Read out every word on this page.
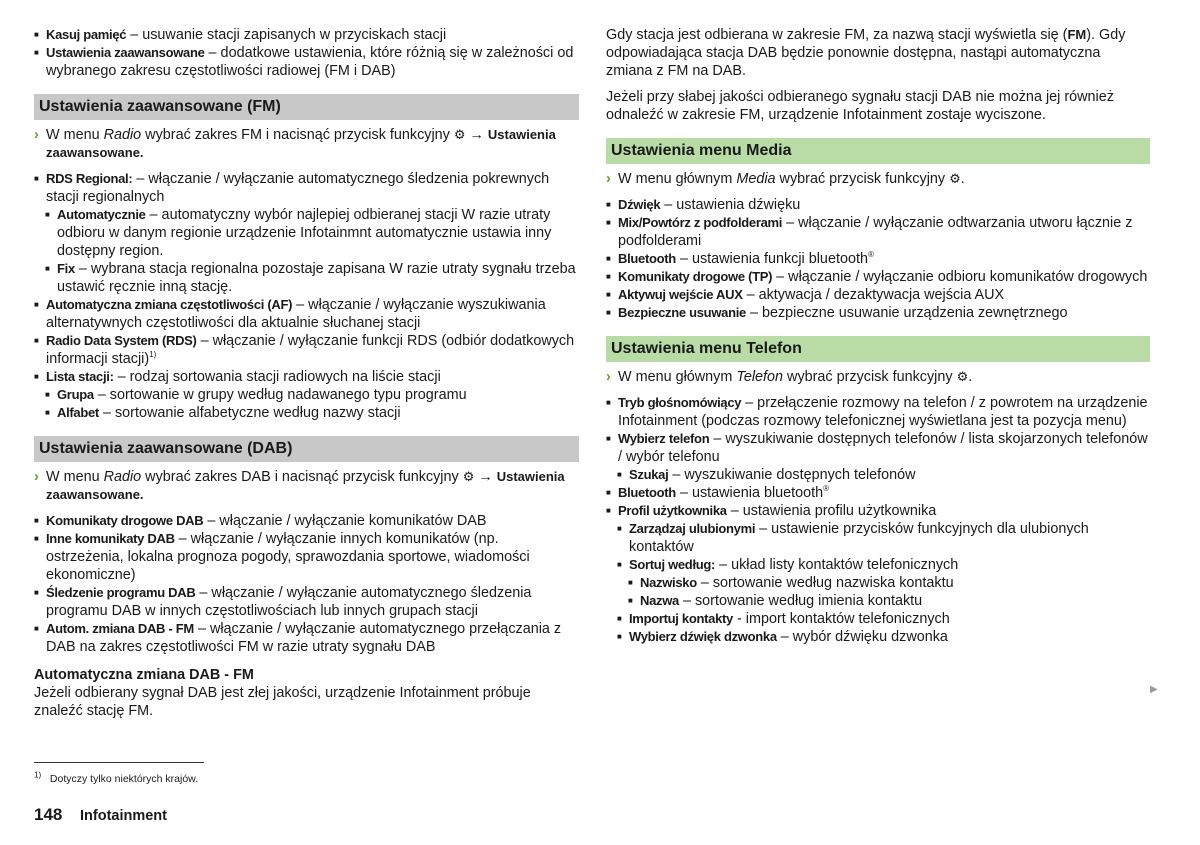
■ Kasuj pamięć – usuwanie stacji zapisanych w przyciskach stacji

■ Ustawienia zaawansowane – dodatkowe ustawienia, które różnią się w zależności od wybranego zakresu częstotliwości radiowej (FM i DAB)

Ustawienia zaawansowane (FM)

› W menu Radio wybrać zakres FM i nacisnąć przycisk funkcyjny ⚙ → Ustawienia zaawansowane.

■ RDS Regional: – włączanie / wyłączanie automatycznego śledzenia pokrewnych stacji regionalnych

■ Automatycznie – automatyczny wybór najlepiej odbieranej stacji W razie utraty odbioru w danym regionie urządzenie Infotainmnt automatycznie ustawia inny dostępny region.

■ Fix – wybrana stacja regionalna pozostaje zapisana W razie utraty sygnału trzeba ustawić ręcznie inną stację.

■ Automatyczna zmiana częstotliwości (AF) – włączanie / wyłączanie wyszukiwania alternatywnych częstotliwości dla aktualnie słuchanej stacji

■ Radio Data System (RDS) – włączanie / wyłączanie funkcji RDS (odbiór dodatkowych informacji stacji)$^{1)}$

■ Lista stacji: – rodzaj sortowania stacji radiowych na liście stacji

■ Grupa – sortowanie w grupy według nadawanego typu programu

■ Alfabet – sortowanie alfabetyczne według nazwy stacji

Ustawienia zaawansowane (DAB)

› W menu Radio wybrać zakres DAB i nacisnąć przycisk funkcyjny ⚙ → Ustawienia zaawansowane.

■ Komunikaty drogowe DAB – włączanie / wyłączanie komunikatów DAB

■ Inne komunikaty DAB – włączanie / wyłączanie innych komunikatów (np. ostrzeżenia, lokalna prognoza pogody, sprawozdania sportowe, wiadomości ekonomiczne)

■ Śledzenie programu DAB – włączanie / wyłączanie automatycznego śledzenia programu DAB w innych częstotliwościach lub innych grupach stacji

■ Autom. zmiana DAB - FM – włączanie / wyłączanie automatycznego przełączania z DAB na zakres częstotliwości FM w razie utraty sygnału DAB

Automatyczna zmiana DAB - FM

Jeżeli odbierany sygnał DAB jest złej jakości, urządzenie Infotainment próbuje znaleźć stację FM.

Gdy stacja jest odbierana w zakresie FM, za nazwą stacji wyświetla się (FM). Gdy odpowiadająca stacja DAB będzie ponownie dostępna, nastąpi automatyczna zmiana z FM na DAB.

Jeżeli przy słabej jakości odbieranego sygnału stacji DAB nie można jej również odnaleźć w zakresie FM, urządzenie Infotainment zostaje wyciszone.

Ustawienia menu Media

› W menu głównym Media wybrać przycisk funkcyjny ⚙.

■ Dźwięk – ustawienia dźwięku

■ Mix/Powtórz z podfolderami – włączanie / wyłączanie odtwarzania utworu łącznie z podfolderami

■ Bluetooth – ustawienia funkcji bluetooth®

■ Komunikaty drogowe (TP) – włączanie / wyłączanie odbioru komunikatów drogowych

■ Aktywuj wejście AUX – aktywacja / dezaktywacja wejścia AUX

■ Bezpieczne usuwanie – bezpieczne usuwanie urządzenia zewnętrznego

Ustawienia menu Telefon

› W menu głównym Telefon wybrać przycisk funkcyjny ⚙.

■ Tryb głośnomówiący – przełączenie rozmowy na telefon / z powrotem na urządzenie Infotainment (podczas rozmowy telefonicznej wyświetlana jest ta pozycja menu)

■ Wybierz telefon – wyszukiwanie dostępnych telefonów / lista skojarzonych telefonów / wybór telefonu

■ Szukaj – wyszukiwanie dostępnych telefonów

■ Bluetooth – ustawienia bluetooth®

■ Profil użytkownika – ustawienia profilu użytkownika

■ Zarządzaj ulubionymi – ustawienie przycisków funkcyjnych dla ulubionych kontaktów

■ Sortuj według: – układ listy kontaktów telefonicznych

■ Nazwisko – sortowanie według nazwiska kontaktu

■ Nazwa – sortowanie według imienia kontaktu

■ Importuj kontakty - import kontaktów telefonicznych

■ Wybierz dźwięk dzwonka – wybór dźwięku dzwonka

▶
$^{1)}$ Dotyczy tylko niektórych krajów.
148 Infotainment
